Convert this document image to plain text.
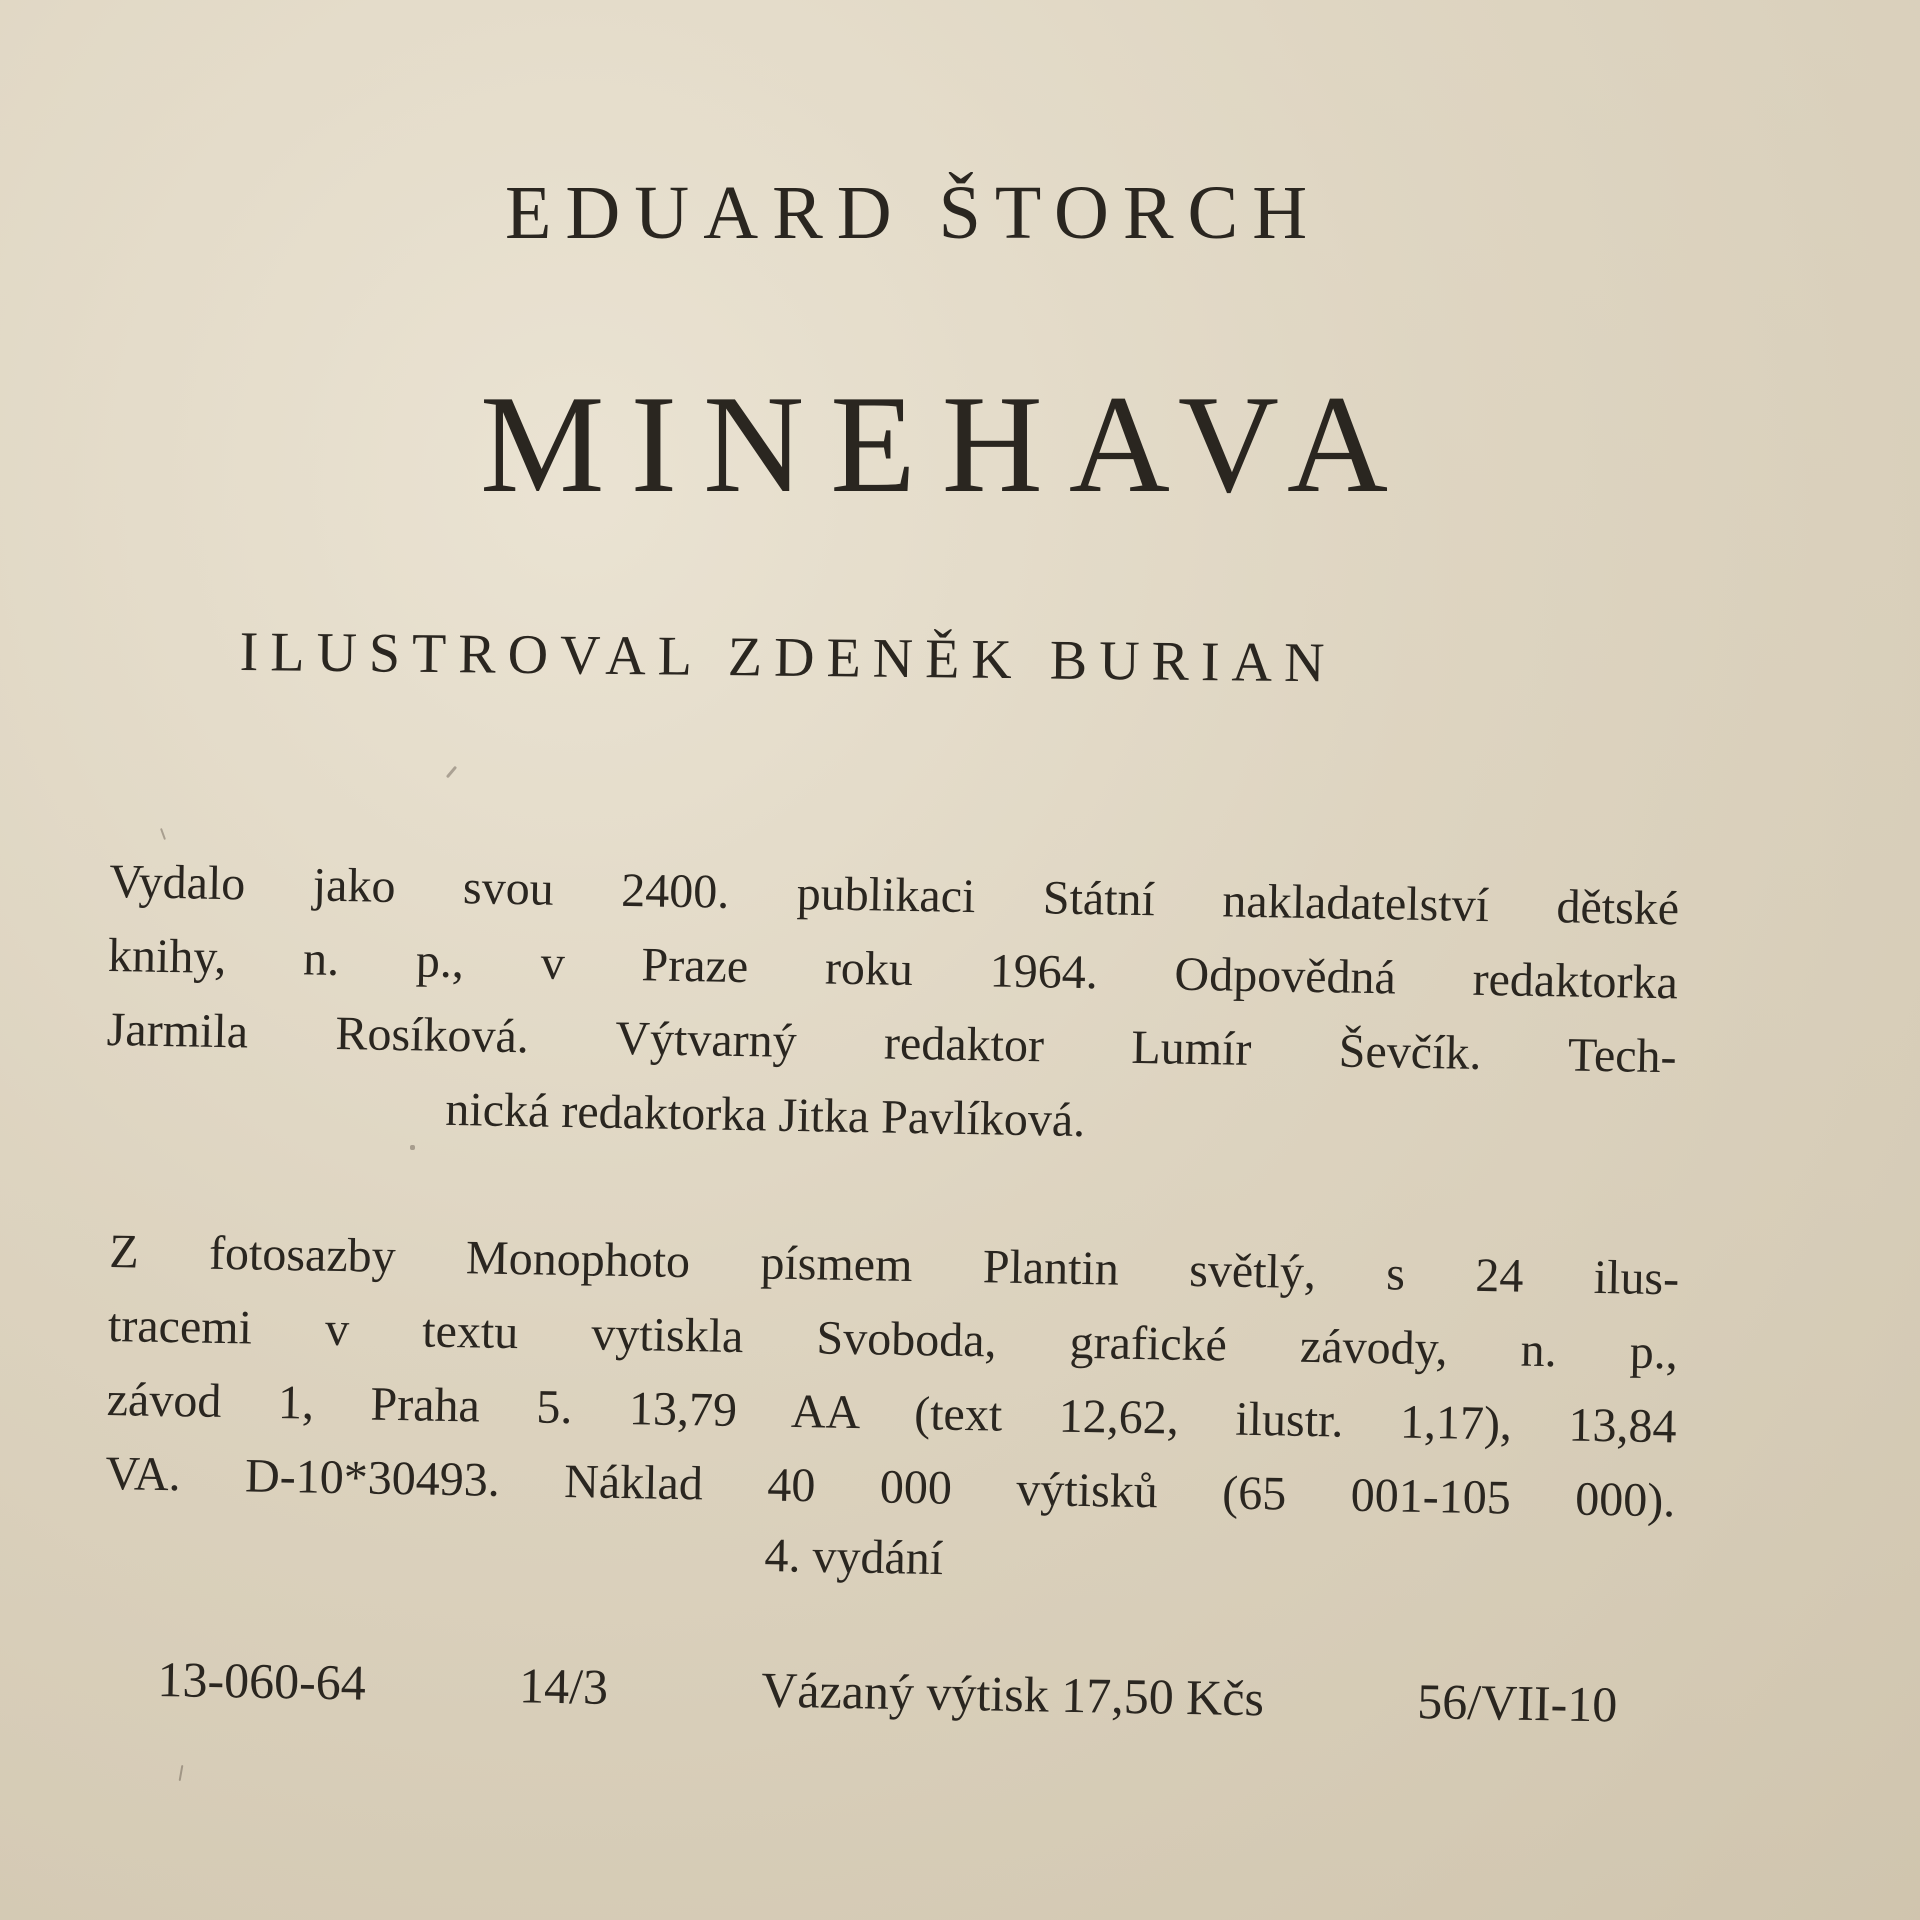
EDUARD ŠTORCH
MINEHAVA
ILUSTROVAL ZDENĚK BURIAN
Vydalo jako svou 2400. publikaci Státní nakladatelství dětské
knihy, n. p., v Praze roku 1964. Odpovědná redaktorka
Jarmila Rosíková. Výtvarný redaktor Lumír Ševčík. Tech-
nická redaktorka Jitka Pavlíková.
Z fotosazby Monophoto písmem Plantin světlý, s 24 ilus-
tracemi v textu vytiskla Svoboda, grafické závody, n. p.,
závod 1, Praha 5. 13,79 AA (text 12,62, ilustr. 1,17), 13,84
VA. D-10*30493. Náklad 40 000 výtisků (65 001-105 000).
4. vydání
13-060-64	14/3	Vázaný výtisk 17,50 Kčs	56/VII-10
